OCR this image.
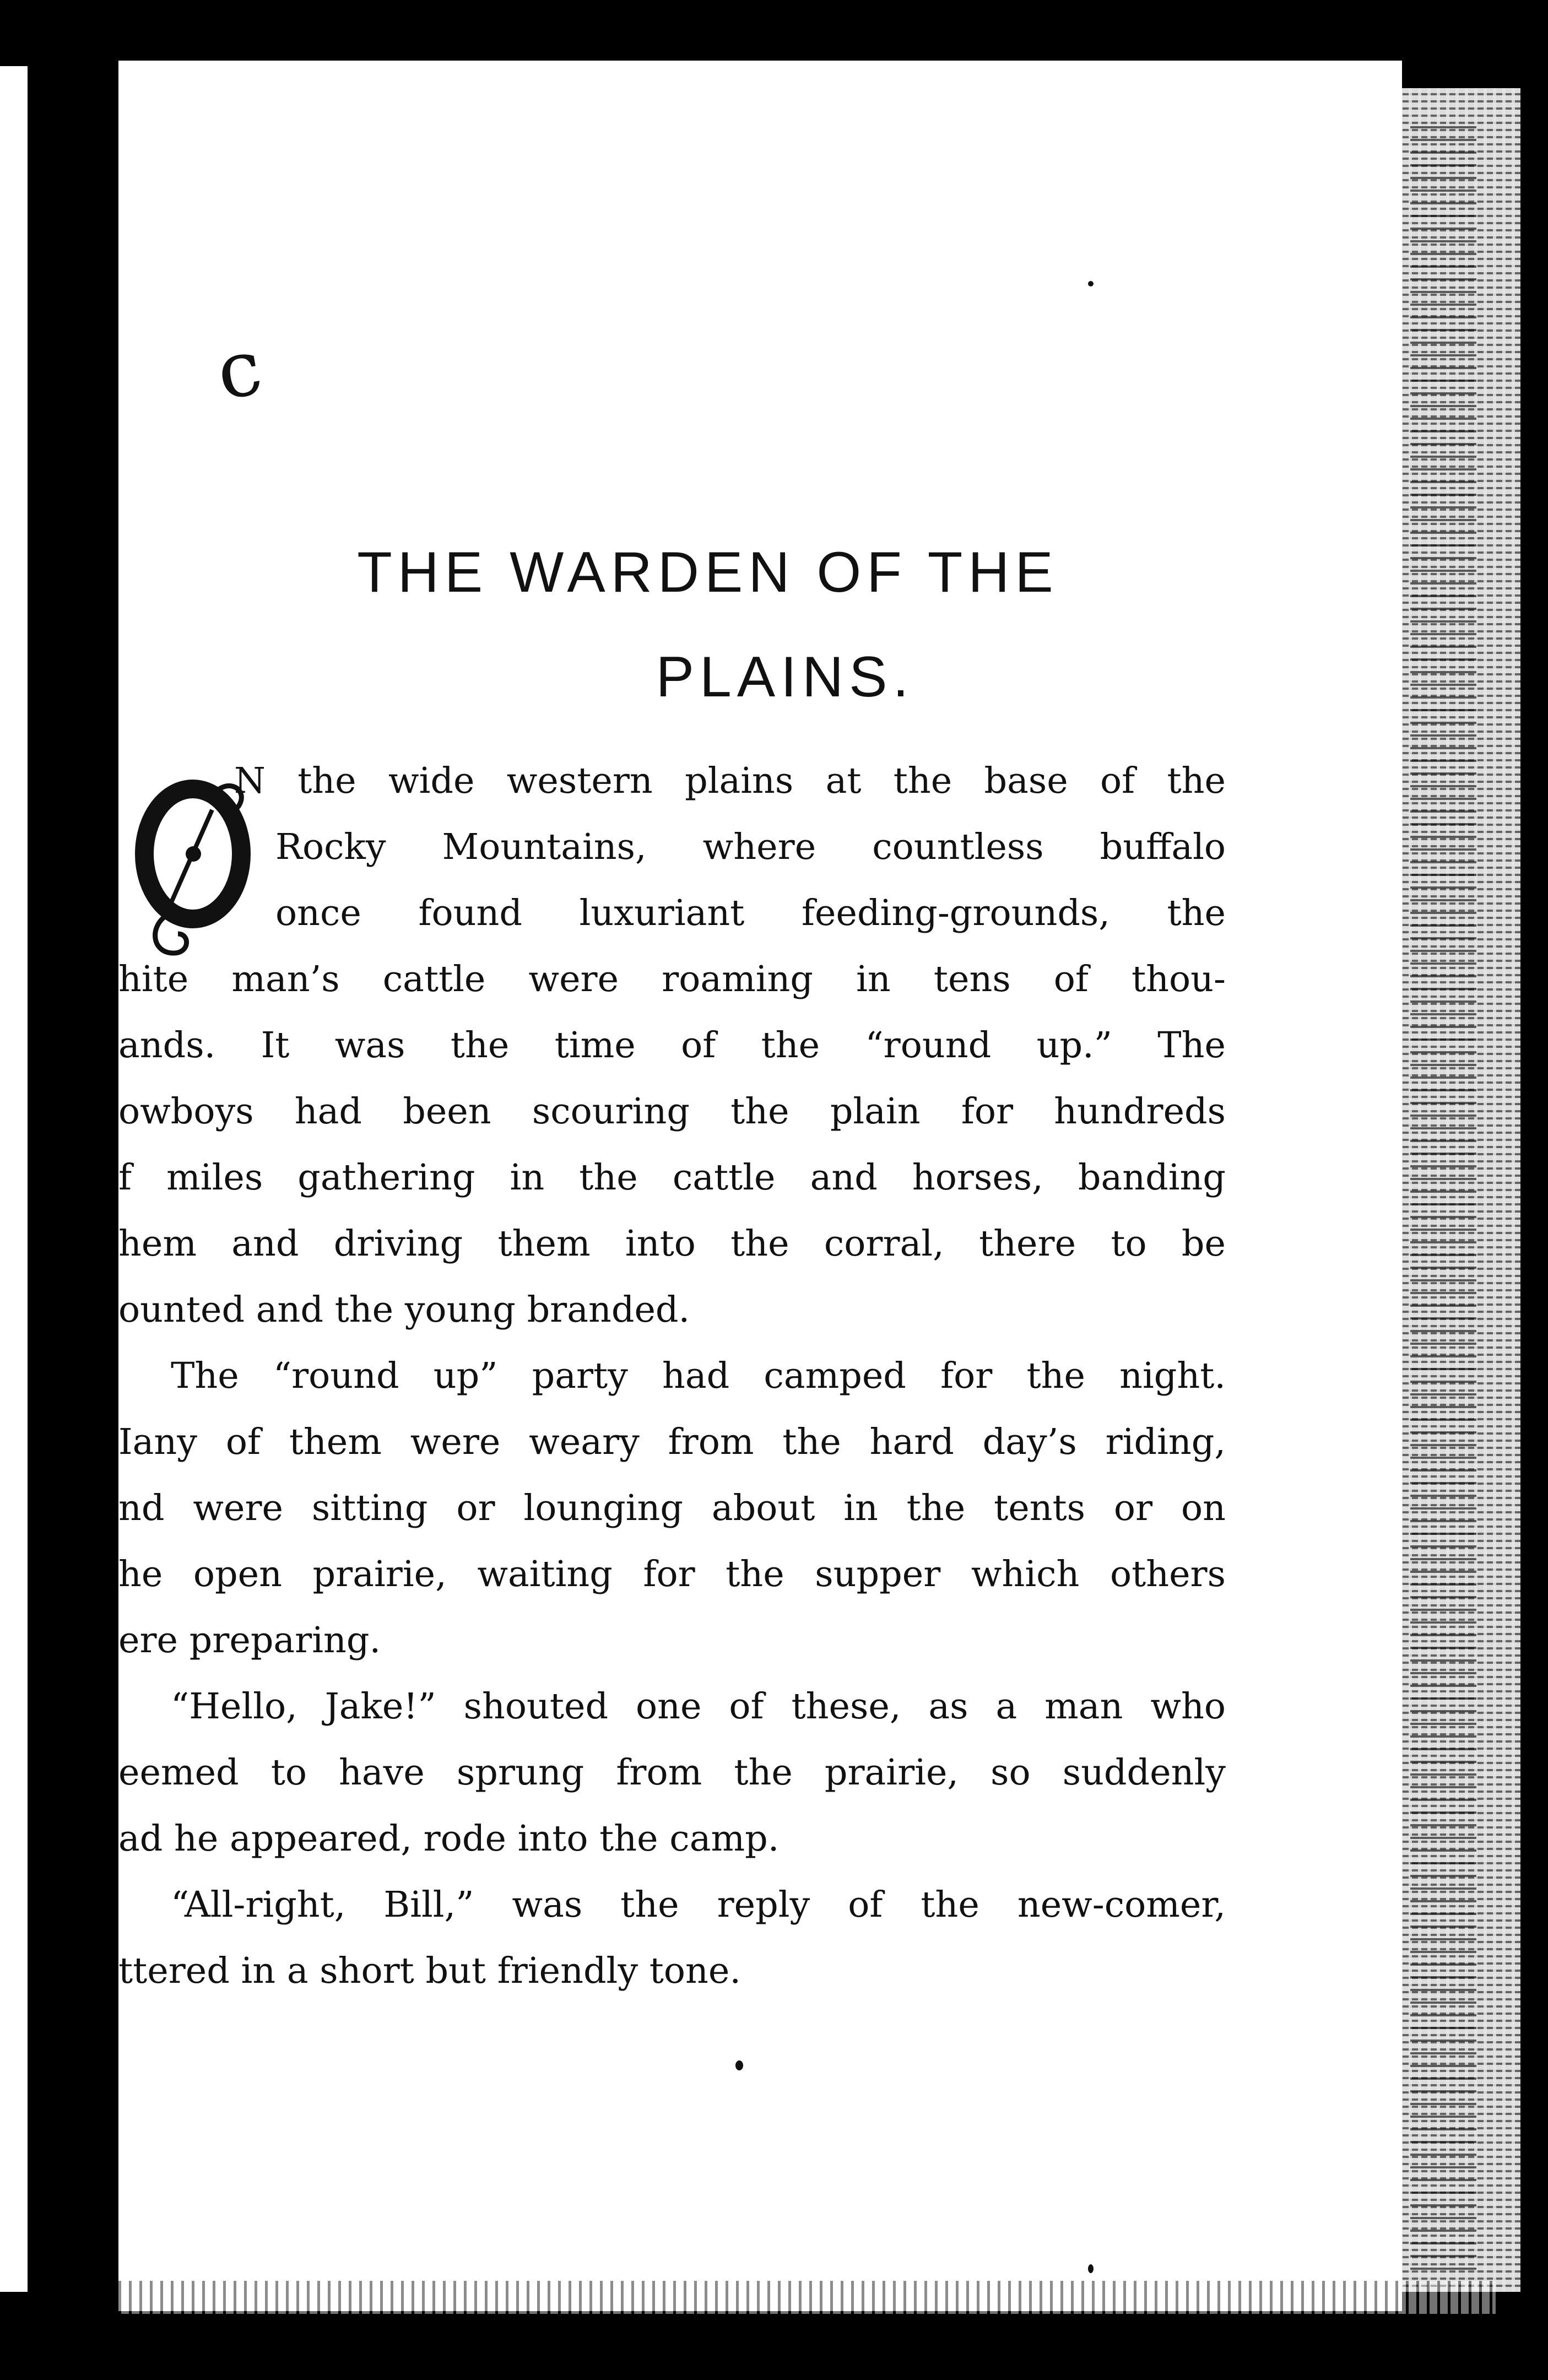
c
THE WARDEN OF THE
PLAINS.
N the wide western plains at the base of the
Rocky Mountains, where countless buffalo
once found luxuriant feeding-grounds, the
hite man’s cattle were roaming in tens of thou-
ands. It was the time of the “round up.” The
owboys had been scouring the plain for hundreds
f miles gathering in the cattle and horses, banding
hem and driving them into the corral, there to be
ounted and the young branded.
The “round up” party had camped for the night.
Iany of them were weary from the hard day’s riding,
nd were sitting or lounging about in the tents or on
he open prairie, waiting for the supper which others
ere preparing.
“Hello, Jake!” shouted one of these, as a man who
eemed to have sprung from the prairie, so suddenly
ad he appeared, rode into the camp.
“All-right, Bill,” was the reply of the new-comer,
ttered in a short but friendly tone.
